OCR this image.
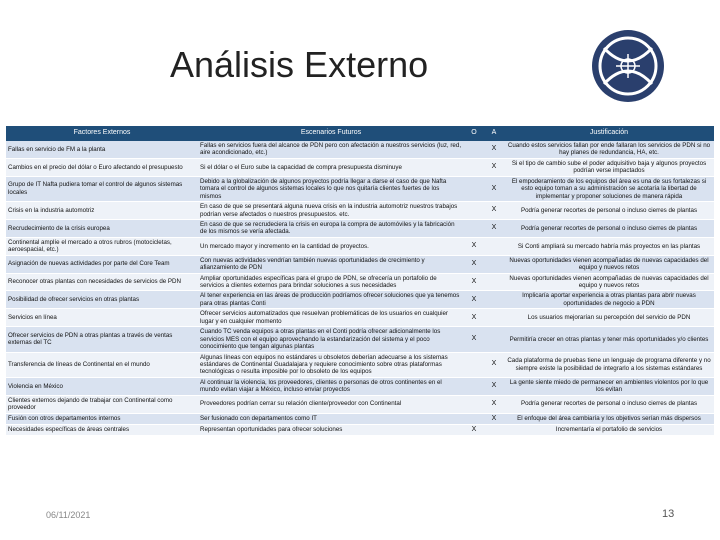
Análisis Externo
Factores Externos	Escenarios Futuros	O	A	Justificación
Fallas en servicio de FM a la planta	Fallas en servicios fuera del alcance de PDN pero con afectación a nuestros servicios (luz, red, aire acondicionado, etc.)		X	Cuando estos servicios fallan por ende fallaran los servicios de PDN si no hay planes de redundancia, HA, etc.
Cambios en el precio del dólar o Euro afectando el presupuesto	Si el dólar o el Euro sube la capacidad de compra presupuesta disminuye		X	Si el tipo de cambio sube el poder adquisitivo baja y algunos proyectos podrían verse impactados
Grupo de IT Nafta pudiera tomar el control de algunos sistemas locales	Debido a la globalización de algunos proyectos podría llegar a darse el caso de que Nafta tomara el control de algunos sistemas locales lo que nos quitaría clientes fuertes de los mismos		X	El empoderamiento de los equipos del área es una de sus fortalezas si esto equipo toman a su administración se acotaría la libertad de implementar y proponer soluciones de manera rápida
Crisis en la industria automotriz	En caso de que se presentará alguna nueva crisis en la industria automotriz nuestros trabajos podrían verse afectados o nuestros presupuestos. etc.		X	Podría generar recortes de personal o incluso cierres de plantas
Recrudecimiento de la crisis europea	En caso de que se recrudeciera la crisis en europa la compra de automóviles y la fabricación de los mismos se vería afectada.		X	Podría generar recortes de personal o incluso cierres de plantas
Continental amplíe el mercado a otros rubros (motocicletas, aeroespacial, etc.)	Un mercado mayor y incremento en la cantidad de proyectos.	X		Si Conti ampliará su mercado habría más proyectos en las plantas
Asignación de nuevas actividades por parte del Core Team	Con nuevas actividades vendrían también nuevas oportunidades de crecimiento y afianzamiento de PDN	X		Nuevas oportunidades vienen acompañadas de nuevas capacidades del equipo y nuevos retos
Reconocer otras plantas con necesidades de servicios de PDN	Ampliar oportunidades específicas para el grupo de PDN, se ofrecería un portafolio de servicios a clientes externos para brindar soluciones a sus necesidades	X		Nuevas oportunidades vienen acompañadas de nuevas capacidades del equipo y nuevos retos
Posibilidad de ofrecer servicios en otras plantas	Al tener experiencia en las áreas de producción podríamos ofrecer soluciones que ya tenemos para otras plantas Conti	X		Implicaría aportar experiencia a otras plantas para abrir nuevas oportunidades de negocio a PDN
Servicios en línea	Ofrecer servicios automatizados que resuelvan problemáticas de los usuarios en cualquier lugar y en cualquier momento	X		Los usuarios mejorarían su percepción del servicio de PDN
Ofrecer servicios de PDN a otras plantas a través de ventas externas del TC	Cuando TC venda equipos a otras plantas en el Conti podría ofrecer adicionalmente los servicios MES con el equipo aprovechando la estandarización del sistema y el poco conocimiento que tengan algunas plantas	X		Permitiría crecer en otras plantas y tener más oportunidades y/o clientes
Transferencia de líneas de Continental en el mundo	Algunas líneas con equipos no estándares u obsoletos deberían adecuarse a los sistemas estándares de Continental Guadalajara y requiere conocimiento sobre otras plataformas tecnológicas o resulta imposible por lo obsoleto de los equipos		X	Cada plataforma de pruebas tiene un lenguaje de programa diferente y no siempre existe la posibilidad de integrarlo a los sistemas estándares
Violencia en México	Al continuar la violencia, los proveedores, clientes o personas de otros continentes en el mundo evitan viajar a México, incluso enviar proyectos		X	La gente siente miedo de permanecer en ambientes violentos por lo que los evitan
Clientes externos dejando de trabajar con Continental como proveedor	Proveedores podrían cerrar su relación cliente/proveedor con Continental		X	Podría generar recortes de personal o incluso cierres de plantas
Fusión con otros departamentos internos	Ser fusionado con departamentos como IT		X	El enfoque del área cambiaría y los objetivos serían más dispersos
Necesidades específicas de áreas centrales	Representan oportunidades para ofrecer soluciones	X		Incrementaría el portafolio de servicios
06/11/2021	13
